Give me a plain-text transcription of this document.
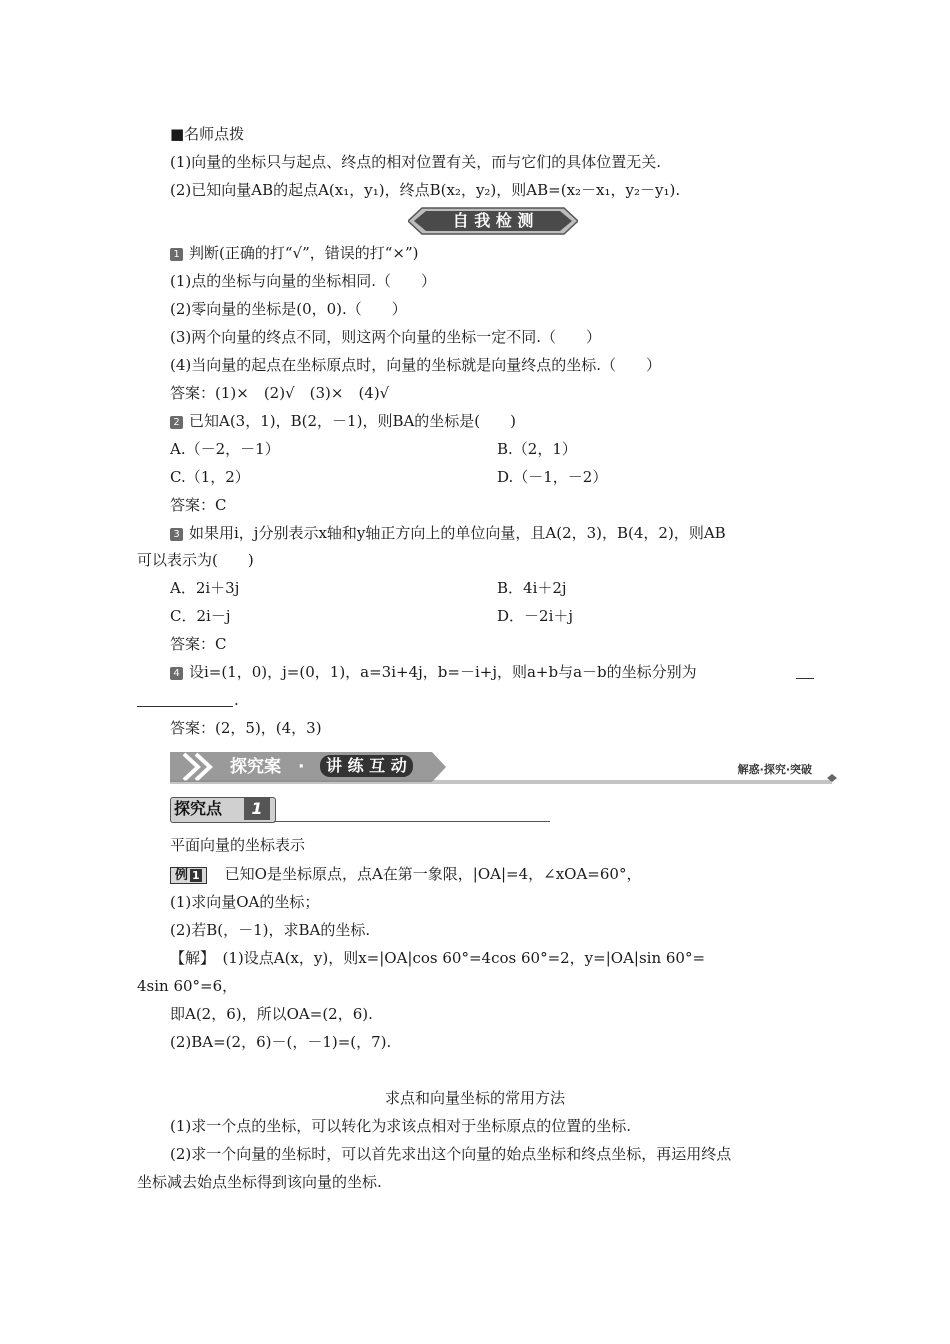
■名师点拨
(1)向量的坐标只与起点、终点的相对位置有关，而与它们的具体位置无关.
(2)已知向量AB的起点A(x₁，y₁)，终点B(x₂，y₂)，则AB=(x₂－x₁，y₂－y₁).
自 我 检 测
1 判断(正确的打“√”，错误的打“×”)
(1)点的坐标与向量的坐标相同.（　　）
(2)零向量的坐标是(0，0).（　　）
(3)两个向量的终点不同，则这两个向量的坐标一定不同.（　　）
(4)当向量的起点在坐标原点时，向量的坐标就是向量终点的坐标.（　　）
答案：(1)×　(2)√　(3)×　(4)√
2 已知A(3，1)，B(2，－1)，则BA的坐标是(　　)
A.（－2，－1）	B.（2，1）
C.（1，2）	D.（－1，－2）
答案：C
3 如果用i，j分别表示x轴和y轴正方向上的单位向量，且A(2，3)，B(4，2)，则AB
可以表示为(　　)
A．2i＋3j	B．4i＋2j
C．2i－j	D．－2i＋j
答案：C
4 设i=(1，0)，j=(0，1)，a=3i+4j，b=－i+j，则a+b与a－b的坐标分别为
.
答案：(2，5)，(4，3)
探究案 ·	讲 练 互 动	解惑·探究·突破
探究点	1
平面向量的坐标表示
例 1 已知O是坐标原点，点A在第一象限，|OA|=4，∠xOA=60°，
(1)求向量OA的坐标；
(2)若B(，－1)，求BA的坐标.
【解】　(1)设点A(x，y)，则x=|OA|cos 60°=4cos 60°=2，y=|OA|sin 60°=
4sin 60°=6，
即A(2，6)，所以OA=(2，6).
(2)BA=(2，6)－(，－1)=(，7).
求点和向量坐标的常用方法
(1)求一个点的坐标，可以转化为求该点相对于坐标原点的位置的坐标.
(2)求一个向量的坐标时，可以首先求出这个向量的始点坐标和终点坐标，再运用终点
坐标减去始点坐标得到该向量的坐标.
